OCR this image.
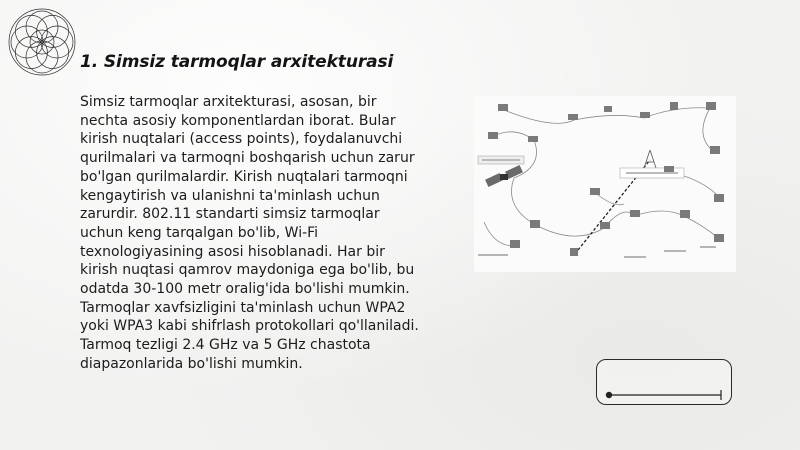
1. Simsiz tarmoqlar arxitekturasi

Simsiz tarmoqlar arxitekturasi, asosan, bir nechta asosiy komponentlardan iborat. Bular kirish nuqtalari (access points), foydalanuvchi qurilmalari va tarmoqni boshqarish uchun zarur bo'lgan qurilmalardir. Kirish nuqtalari tarmoqni kengaytirish va ulanishni ta'minlash uchun zarurdir. 802.11 standarti simsiz tarmoqlar uchun keng tarqalgan bo'lib, Wi-Fi texnologiyasining asosi hisoblanadi. Har bir kirish nuqtasi qamrov maydoniga ega bo'lib, bu odatda 30-100 metr oralig'ida bo'lishi mumkin. Tarmoqlar xavfsizligini ta'minlash uchun WPA2 yoki WPA3 kabi shifrlash protokollari qo'llaniladi. Tarmoq tezligi 2.4 GHz va 5 GHz chastota diapazonlarida bo'lishi mumkin.
